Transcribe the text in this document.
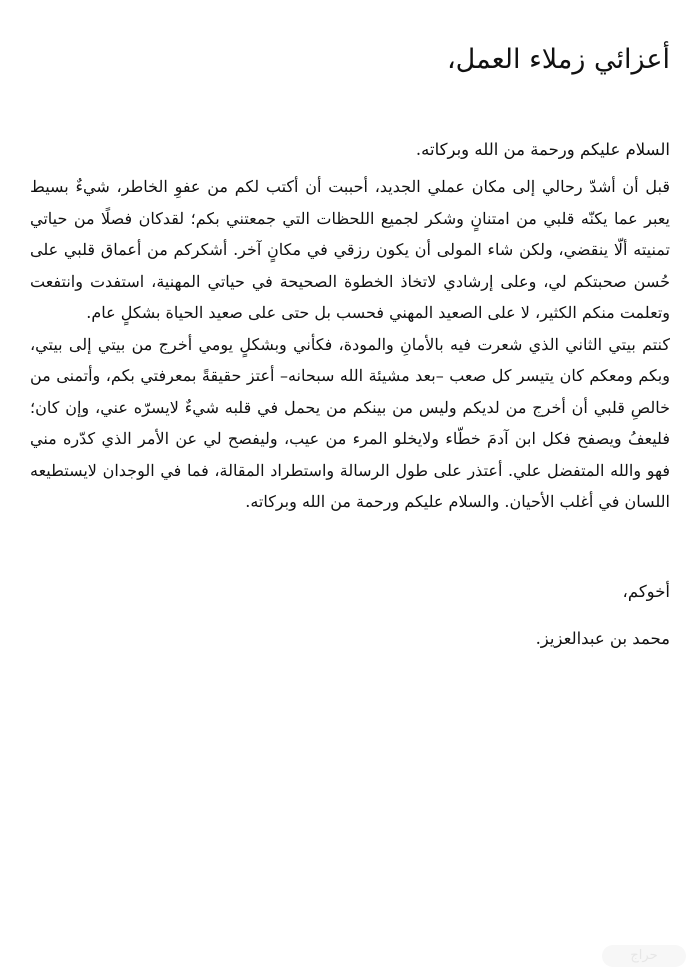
أعزائي زملاء العمل،

السلام عليكم ورحمة من الله وبركاته.

قبل أن أشدّ رحالي إلى مكان عملي الجديد، أحببت أن أكتب لكم من عفوِ الخاطر، شيءٌ بسيط يعبر عما يكنّه قلبي من امتنانٍ وشكر لجميع اللحظات التي جمعتني بكم؛ لقدكان فصلًا من حياتي تمنيته ألّا ينقضي، ولكن شاء المولى أن يكون رزقي في مكانٍ آخر. أشكركم من أعماق قلبي على حُسن صحبتكم لي، وعلى إرشادي لاتخاذ الخطوة الصحيحة في حياتي المهنية، استفدت وانتفعت وتعلمت منكم الكثير، لا على الصعيد المهني فحسب بل حتى على صعيد الحياة بشكلٍ عام.

كنتم بيتي الثاني الذي شعرت فيه بالأمانِ والمودة، فكأني وبشكلٍ يومي أخرج من بيتي إلى بيتي، وبكم ومعكم كان يتيسر كل صعب –بعد مشيئة الله سبحانه– أعتز حقيقةً بمعرفتي بكم، وأتمنى من خالصِ قلبي أن أخرج من لديكم وليس من بينكم من يحمل في قلبه شيءٌ لايسرّه عني، وإن كان؛ فليعفُ ويصفح فكل ابن آدمَ خطّاء ولايخلو المرء من عيب، وليفصح لي عن الأمر الذي كدّره مني فهو والله المتفضل علي. أعتذر على طول الرسالة واستطراد المقالة، فما في الوجدان لايستطيعه اللسان في أغلب الأحيان. والسلام عليكم ورحمة من الله وبركاته.

أخوكم،

محمد بن عبدالعزيز.

حراج
